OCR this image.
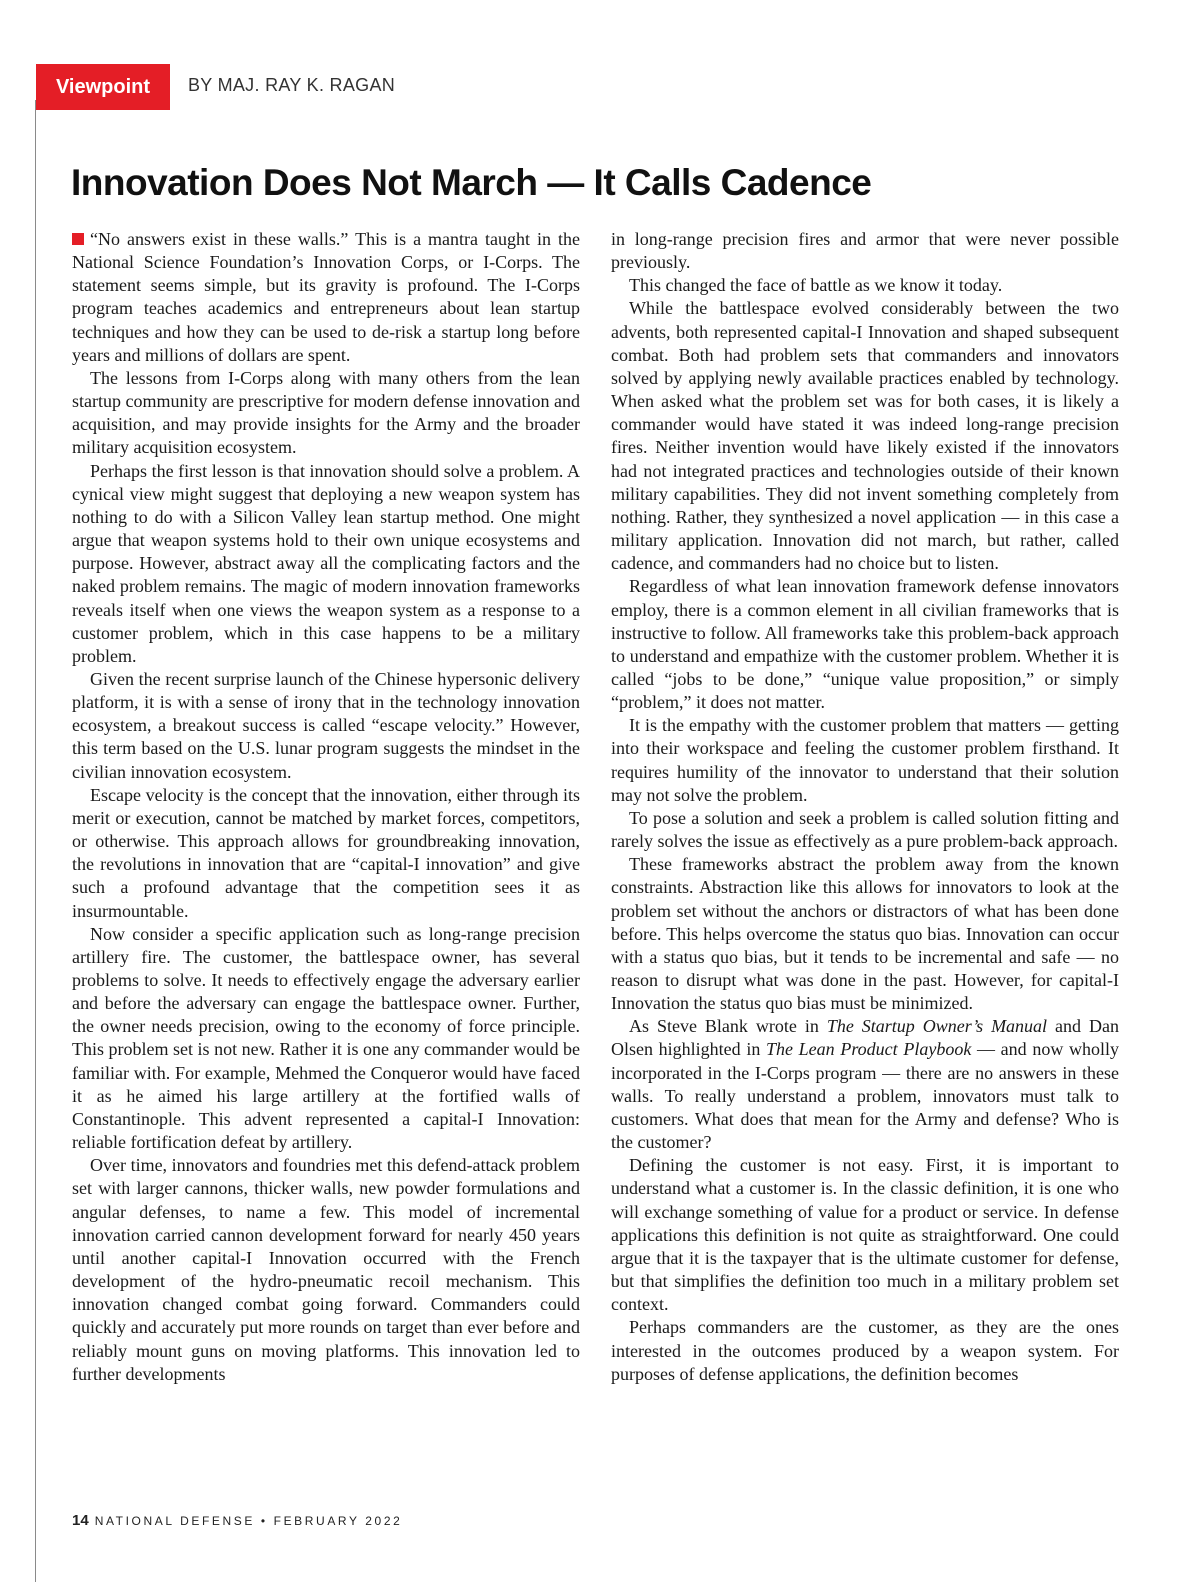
Viewpoint	BY MAJ. RAY K. RAGAN
Innovation Does Not March — It Calls Cadence

“No answers exist in these walls.” This is a mantra taught in the National Science Foundation’s Innovation Corps, or I-Corps. The statement seems simple, but its gravity is profound. The I-Corps program teaches academics and entrepreneurs about lean startup techniques and how they can be used to de-risk a startup long before years and millions of dollars are spent.

The lessons from I-Corps along with many others from the lean startup community are prescriptive for modern defense innovation and acquisition, and may provide insights for the Army and the broader military acquisition ecosystem.

Perhaps the first lesson is that innovation should solve a problem. A cynical view might suggest that deploying a new weapon system has nothing to do with a Silicon Valley lean startup method. One might argue that weapon systems hold to their own unique ecosystems and purpose. However, abstract away all the complicating factors and the naked problem remains. The magic of modern innovation frameworks reveals itself when one views the weapon system as a response to a customer problem, which in this case happens to be a military problem.

Given the recent surprise launch of the Chinese hypersonic delivery platform, it is with a sense of irony that in the technology innovation ecosystem, a breakout success is called “escape velocity.” However, this term based on the U.S. lunar program suggests the mindset in the civilian innovation ecosystem.

Escape velocity is the concept that the innovation, either through its merit or execution, cannot be matched by market forces, competitors, or otherwise. This approach allows for groundbreaking innovation, the revolutions in innovation that are “capital-I innovation” and give such a profound advantage that the competition sees it as insurmountable.

Now consider a specific application such as long-range precision artillery fire. The customer, the battlespace owner, has several problems to solve. It needs to effectively engage the adversary earlier and before the adversary can engage the battlespace owner. Further, the owner needs precision, owing to the economy of force principle. This problem set is not new. Rather it is one any commander would be familiar with. For example, Mehmed the Conqueror would have faced it as he aimed his large artillery at the fortified walls of Constantinople. This advent represented a capital-I Innovation: reliable fortification defeat by artillery.

Over time, innovators and foundries met this defend-attack problem set with larger cannons, thicker walls, new powder formulations and angular defenses, to name a few. This model of incremental innovation carried cannon development forward for nearly 450 years until another capital-I Innovation occurred with the French development of the hydro-pneumatic recoil mechanism. This innovation changed combat going forward. Commanders could quickly and accurately put more rounds on target than ever before and reliably mount guns on moving platforms. This innovation led to further developments

in long-range precision fires and armor that were never possible previously.

This changed the face of battle as we know it today.

While the battlespace evolved considerably between the two advents, both represented capital-I Innovation and shaped subsequent combat. Both had problem sets that commanders and innovators solved by applying newly available practices enabled by technology. When asked what the problem set was for both cases, it is likely a commander would have stated it was indeed long-range precision fires. Neither invention would have likely existed if the innovators had not integrated practices and technologies outside of their known military capabilities. They did not invent something completely from nothing. Rather, they synthesized a novel application — in this case a military application. Innovation did not march, but rather, called cadence, and commanders had no choice but to listen.

Regardless of what lean innovation framework defense innovators employ, there is a common element in all civilian frameworks that is instructive to follow. All frameworks take this problem-back approach to understand and empathize with the customer problem. Whether it is called “jobs to be done,” “unique value proposition,” or simply “problem,” it does not matter.

It is the empathy with the customer problem that matters — getting into their workspace and feeling the customer problem firsthand. It requires humility of the innovator to understand that their solution may not solve the problem.

To pose a solution and seek a problem is called solution fitting and rarely solves the issue as effectively as a pure problem-back approach.

These frameworks abstract the problem away from the known constraints. Abstraction like this allows for innovators to look at the problem set without the anchors or distractors of what has been done before. This helps overcome the status quo bias. Innovation can occur with a status quo bias, but it tends to be incremental and safe — no reason to disrupt what was done in the past. However, for capital-I Innovation the status quo bias must be minimized.

As Steve Blank wrote in The Startup Owner’s Manual and Dan Olsen highlighted in The Lean Product Playbook — and now wholly incorporated in the I-Corps program — there are no answers in these walls. To really understand a problem, innovators must talk to customers. What does that mean for the Army and defense? Who is the customer?

Defining the customer is not easy. First, it is important to understand what a customer is. In the classic definition, it is one who will exchange something of value for a product or service. In defense applications this definition is not quite as straightforward. One could argue that it is the taxpayer that is the ultimate customer for defense, but that simplifies the definition too much in a military problem set context.

Perhaps commanders are the customer, as they are the ones interested in the outcomes produced by a weapon system. For purposes of defense applications, the definition becomes

14 NATIONAL DEFENSE • FEBRUARY 2022
